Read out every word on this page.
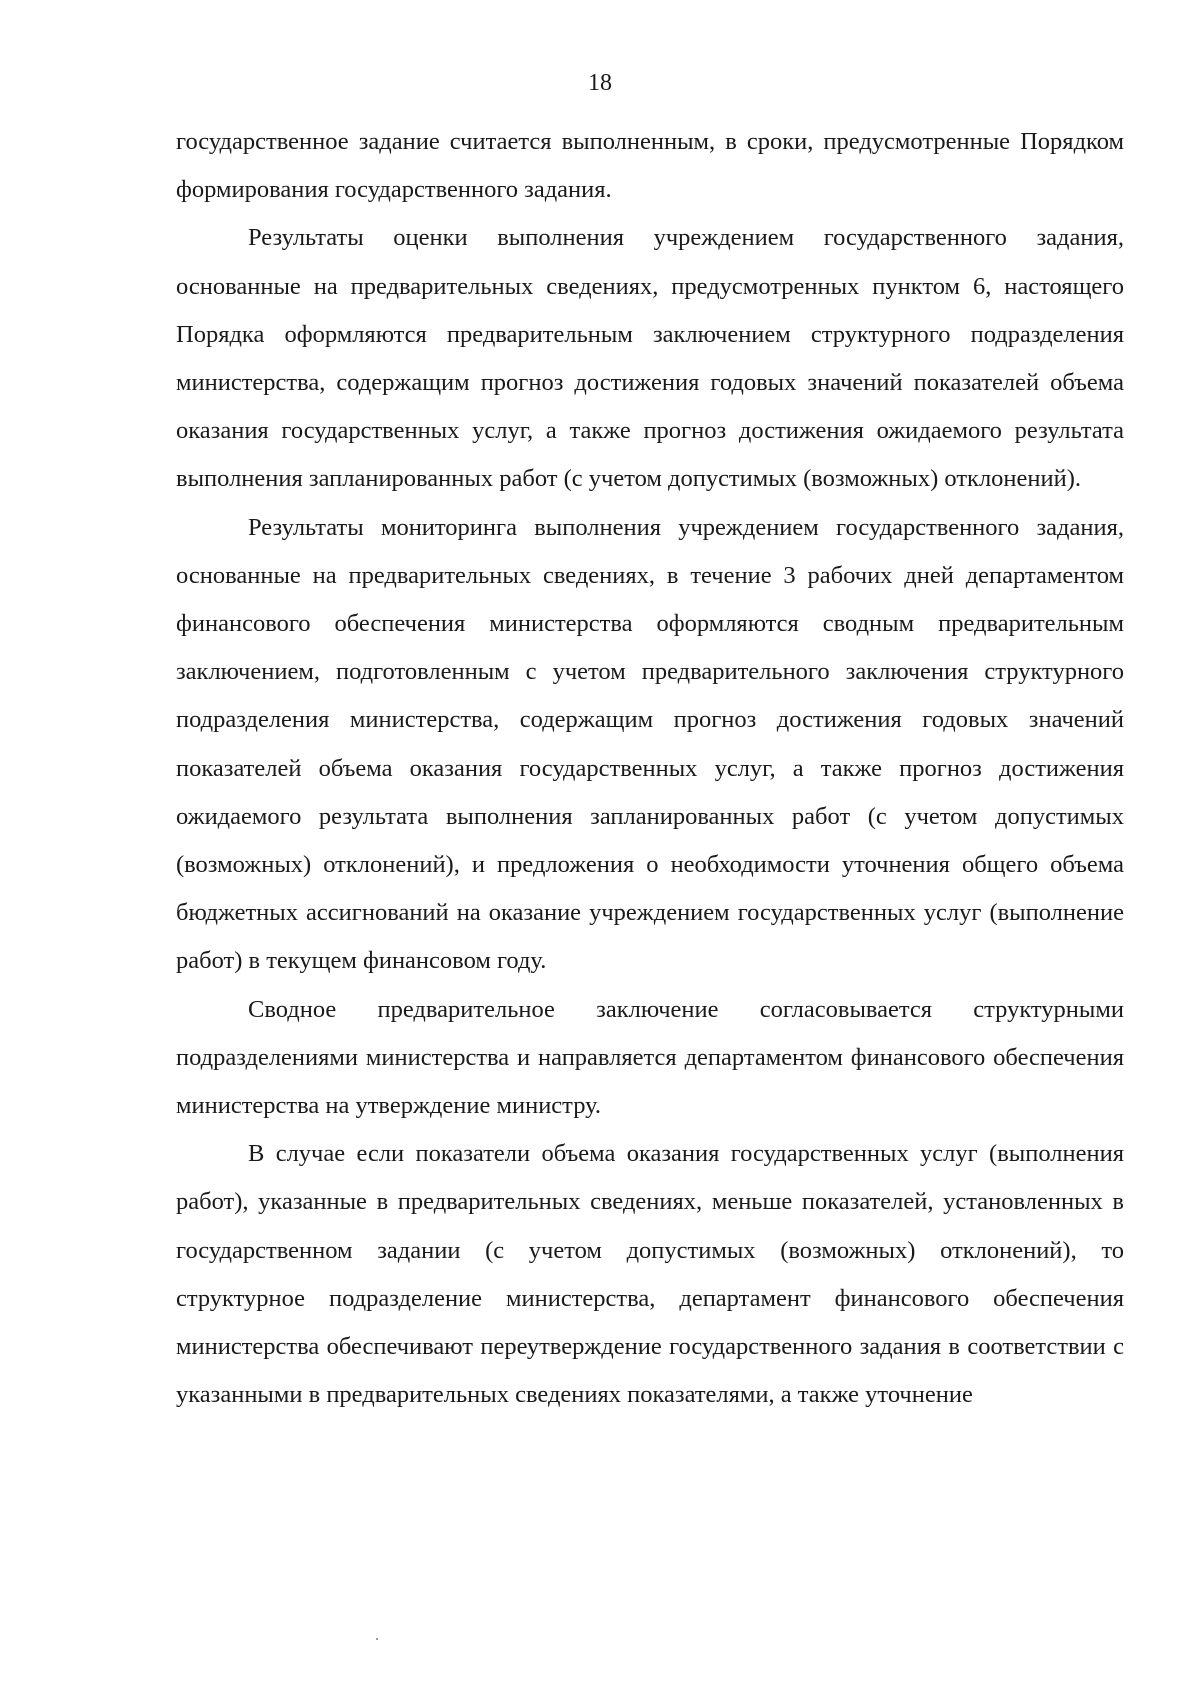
18

государственное задание считается выполненным, в сроки, предусмотренные Порядком формирования государственного задания.

Результаты оценки выполнения учреждением государственного задания, основанные на предварительных сведениях, предусмотренных пунктом 6, настоящего Порядка оформляются предварительным заключением структурного подразделения министерства, содержащим прогноз достижения годовых значений показателей объема оказания государственных услуг, а также прогноз достижения ожидаемого результата выполнения запланированных работ (с учетом допустимых (возможных) отклонений).

Результаты мониторинга выполнения учреждением государственного задания, основанные на предварительных сведениях, в течение 3 рабочих дней департаментом финансового обеспечения министерства оформляются сводным предварительным заключением, подготовленным с учетом предварительного заключения структурного подразделения министерства, содержащим прогноз достижения годовых значений показателей объема оказания государственных услуг, а также прогноз достижения ожидаемого результата выполнения запланированных работ (с учетом допустимых (возможных) отклонений), и предложения о необходимости уточнения общего объема бюджетных ассигнований на оказание учреждением государственных услуг (выполнение работ) в текущем финансовом году.

Сводное предварительное заключение согласовывается структурными подразделениями министерства и направляется департаментом финансового обеспечения министерства на утверждение министру.

В случае если показатели объема оказания государственных услуг (выполнения работ), указанные в предварительных сведениях, меньше показателей, установленных в государственном задании (с учетом допустимых (возможных) отклонений), то структурное подразделение министерства, департамент финансового обеспечения министерства обеспечивают переутверждение государственного задания в соответствии с указанными в предварительных сведениях показателями, а также уточнение
